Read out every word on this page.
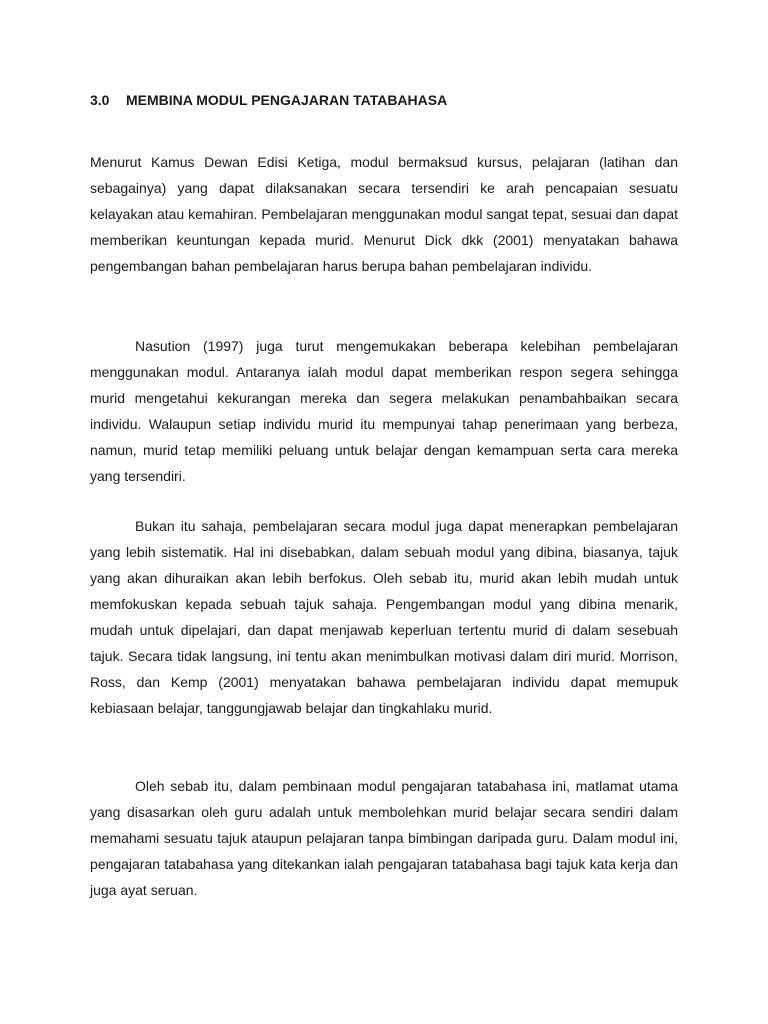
3.0 MEMBINA MODUL PENGAJARAN TATABAHASA

Menurut Kamus Dewan Edisi Ketiga, modul bermaksud kursus, pelajaran (latihan dan sebagainya) yang dapat dilaksanakan secara tersendiri ke arah pencapaian sesuatu kelayakan atau kemahiran. Pembelajaran menggunakan modul sangat tepat, sesuai dan dapat memberikan keuntungan kepada murid. Menurut Dick dkk (2001) menyatakan bahawa pengembangan bahan pembelajaran harus berupa bahan pembelajaran individu.

Nasution (1997) juga turut mengemukakan beberapa kelebihan pembelajaran menggunakan modul. Antaranya ialah modul dapat memberikan respon segera sehingga murid mengetahui kekurangan mereka dan segera melakukan penambahbaikan secara individu. Walaupun setiap individu murid itu mempunyai tahap penerimaan yang berbeza, namun, murid tetap memiliki peluang untuk belajar dengan kemampuan serta cara mereka yang tersendiri.

Bukan itu sahaja, pembelajaran secara modul juga dapat menerapkan pembelajaran yang lebih sistematik. Hal ini disebabkan, dalam sebuah modul yang dibina, biasanya, tajuk yang akan dihuraikan akan lebih berfokus. Oleh sebab itu, murid akan lebih mudah untuk memfokuskan kepada sebuah tajuk sahaja. Pengembangan modul yang dibina menarik, mudah untuk dipelajari, dan dapat menjawab keperluan tertentu murid di dalam sesebuah tajuk. Secara tidak langsung, ini tentu akan menimbulkan motivasi dalam diri murid. Morrison, Ross, dan Kemp (2001) menyatakan bahawa pembelajaran individu dapat memupuk kebiasaan belajar, tanggungjawab belajar dan tingkahlaku murid.

Oleh sebab itu, dalam pembinaan modul pengajaran tatabahasa ini, matlamat utama yang disasarkan oleh guru adalah untuk membolehkan murid belajar secara sendiri dalam memahami sesuatu tajuk ataupun pelajaran tanpa bimbingan daripada guru. Dalam modul ini, pengajaran tatabahasa yang ditekankan ialah pengajaran tatabahasa bagi tajuk kata kerja dan juga ayat seruan.
